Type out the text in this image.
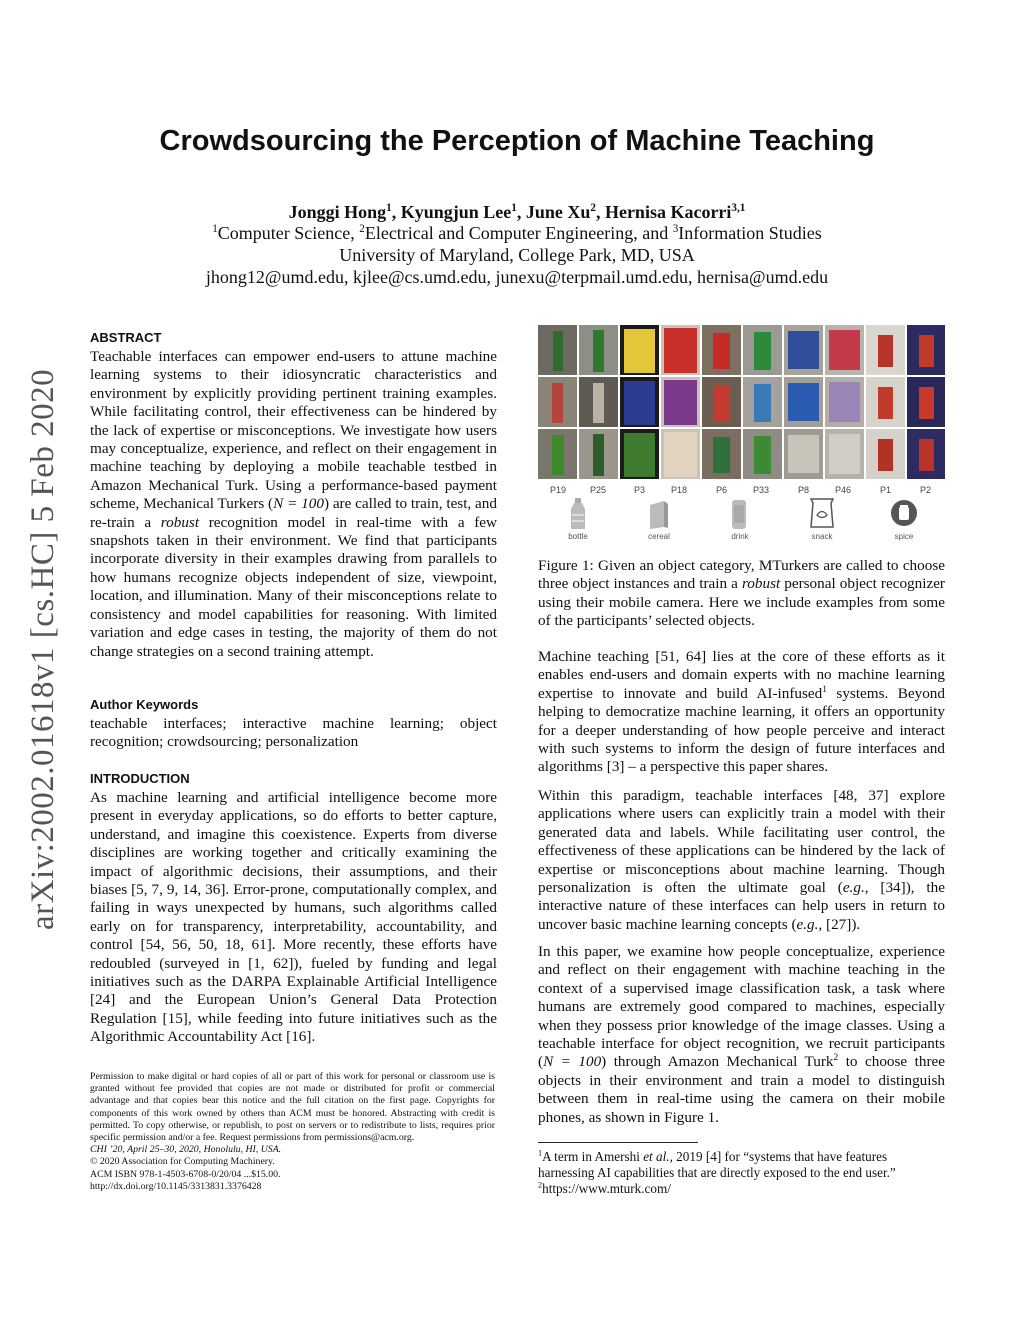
arXiv:2002.01618v1 [cs.HC] 5 Feb 2020
Crowdsourcing the Perception of Machine Teaching
Jonggi Hong$^1$, Kyungjun Lee$^1$, June Xu$^2$, Hernisa Kacorri$^{3,1}$
$^1$Computer Science, $^2$Electrical and Computer Engineering, and $^3$Information Studies
University of Maryland, College Park, MD, USA
jhong12@umd.edu, kjlee@cs.umd.edu, junexu@terpmail.umd.edu, hernisa@umd.edu
ABSTRACT
Teachable interfaces can empower end-users to attune machine learning systems to their idiosyncratic characteristics and environment by explicitly providing pertinent training examples. While facilitating control, their effectiveness can be hindered by the lack of expertise or misconceptions. We investigate how users may conceptualize, experience, and reflect on their engagement in machine teaching by deploying a mobile teachable testbed in Amazon Mechanical Turk. Using a performance-based payment scheme, Mechanical Turkers (N = 100) are called to train, test, and re-train a robust recognition model in real-time with a few snapshots taken in their environment. We find that participants incorporate diversity in their examples drawing from parallels to how humans recognize objects independent of size, viewpoint, location, and illumination. Many of their misconceptions relate to consistency and model capabilities for reasoning. With limited variation and edge cases in testing, the majority of them do not change strategies on a second training attempt.
Author Keywords
teachable interfaces; interactive machine learning; object recognition; crowdsourcing; personalization
INTRODUCTION
As machine learning and artificial intelligence become more present in everyday applications, so do efforts to better capture, understand, and imagine this coexistence. Experts from diverse disciplines are working together and critically examining the impact of algorithmic decisions, their assumptions, and their biases [5, 7, 9, 14, 36]. Error-prone, computationally complex, and failing in ways unexpected by humans, such algorithms called early on for transparency, interpretability, accountability, and control [54, 56, 50, 18, 61]. More recently, these efforts have redoubled (surveyed in [1, 62]), fueled by funding and legal initiatives such as the DARPA Explainable Artificial Intelligence [24] and the European Union’s General Data Protection Regulation [15], while feeding into future initiatives such as the Algorithmic Accountability Act [16].
Permission to make digital or hard copies of all or part of this work for personal or classroom use is granted without fee provided that copies are not made or distributed for profit or commercial advantage and that copies bear this notice and the full citation on the first page. Copyrights for components of this work owned by others than ACM must be honored. Abstracting with credit is permitted. To copy otherwise, or republish, to post on servers or to redistribute to lists, requires prior specific permission and/or a fee. Request permissions from permissions@acm.org.
CHI ’20, April 25–30, 2020, Honolulu, HI, USA.
© 2020 Association for Computing Machinery.
ACM ISBN 978-1-4503-6708-0/20/04 ...$15.00.
http://dx.doi.org/10.1145/3313831.3376428
P19	P25	P3	P18	P6	P33	P8	P46	P1	P2
bottle	cereal	drink	snack	spice
Figure 1: Given an object category, MTurkers are called to choose three object instances and train a robust personal object recognizer using their mobile camera. Here we include examples from some of the participants’ selected objects.
Machine teaching [51, 64] lies at the core of these efforts as it enables end-users and domain experts with no machine learning expertise to innovate and build AI-infused$^1$ systems. Beyond helping to democratize machine learning, it offers an opportunity for a deeper understanding of how people perceive and interact with such systems to inform the design of future interfaces and algorithms [3] – a perspective this paper shares.
Within this paradigm, teachable interfaces [48, 37] explore applications where users can explicitly train a model with their generated data and labels. While facilitating user control, the effectiveness of these applications can be hindered by the lack of expertise or misconceptions about machine learning. Though personalization is often the ultimate goal (e.g., [34]), the interactive nature of these interfaces can help users in return to uncover basic machine learning concepts (e.g., [27]).
In this paper, we examine how people conceptualize, experience and reflect on their engagement with machine teaching in the context of a supervised image classification task, a task where humans are extremely good compared to machines, especially when they possess prior knowledge of the image classes. Using a teachable interface for object recognition, we recruit participants (N = 100) through Amazon Mechanical Turk$^2$ to choose three objects in their environment and train a model to distinguish between them in real-time using the camera on their mobile phones, as shown in Figure 1.
$^1$A term in Amershi et al., 2019 [4] for “systems that have features harnessing AI capabilities that are directly exposed to the end user.”
$^2$https://www.mturk.com/
